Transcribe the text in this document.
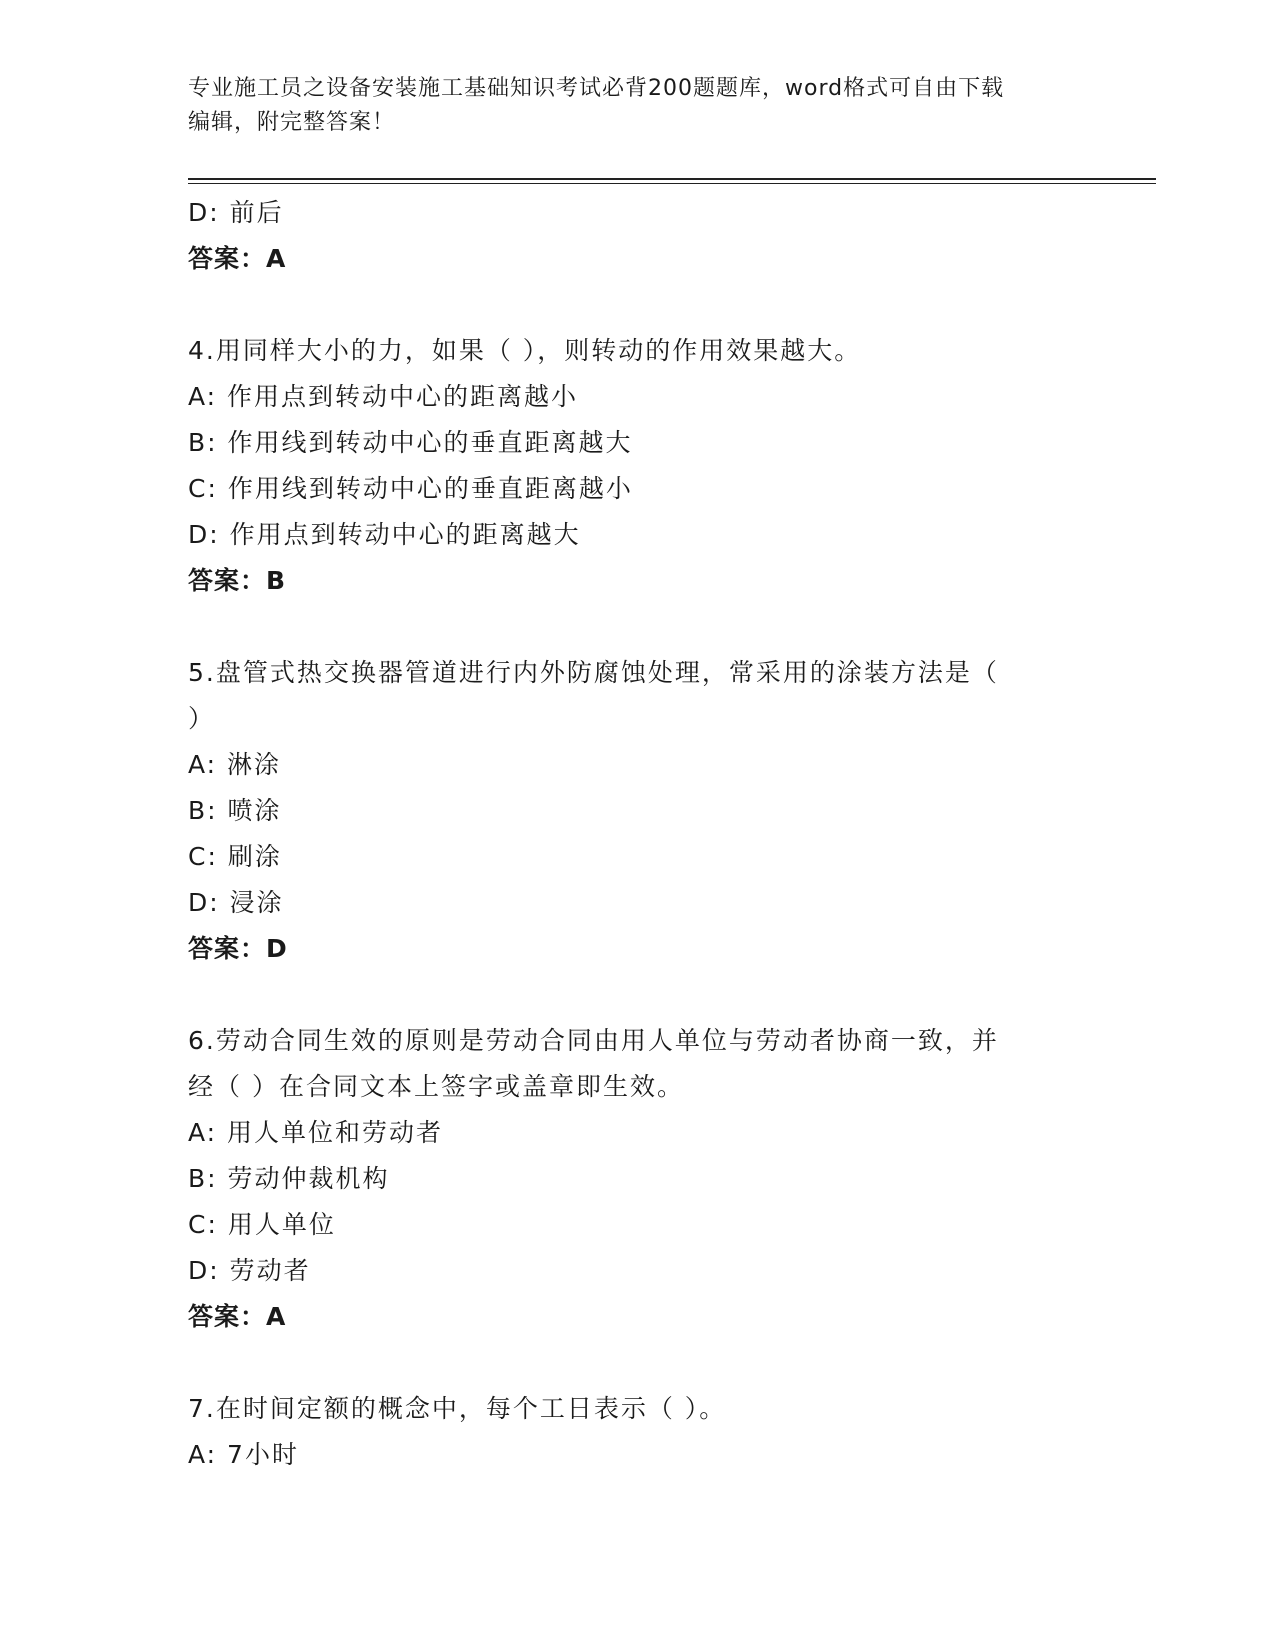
专业施工员之设备安装施工基础知识考试必背200题题库，word格式可自由下载
编辑，附完整答案！
D: 前后
答案：A
4.用同样大小的力，如果（ ），则转动的作用效果越大。
A: 作用点到转动中心的距离越小
B: 作用线到转动中心的垂直距离越大
C: 作用线到转动中心的垂直距离越小
D: 作用点到转动中心的距离越大
答案：B
5.盘管式热交换器管道进行内外防腐蚀处理，常采用的涂装方法是（
）
A: 淋涂
B: 喷涂
C: 刷涂
D: 浸涂
答案：D
6.劳动合同生效的原则是劳动合同由用人单位与劳动者协商一致，并
经（ ）在合同文本上签字或盖章即生效。
A: 用人单位和劳动者
B: 劳动仲裁机构
C: 用人单位
D: 劳动者
答案：A
7.在时间定额的概念中，每个工日表示（ ）。
A: 7小时
